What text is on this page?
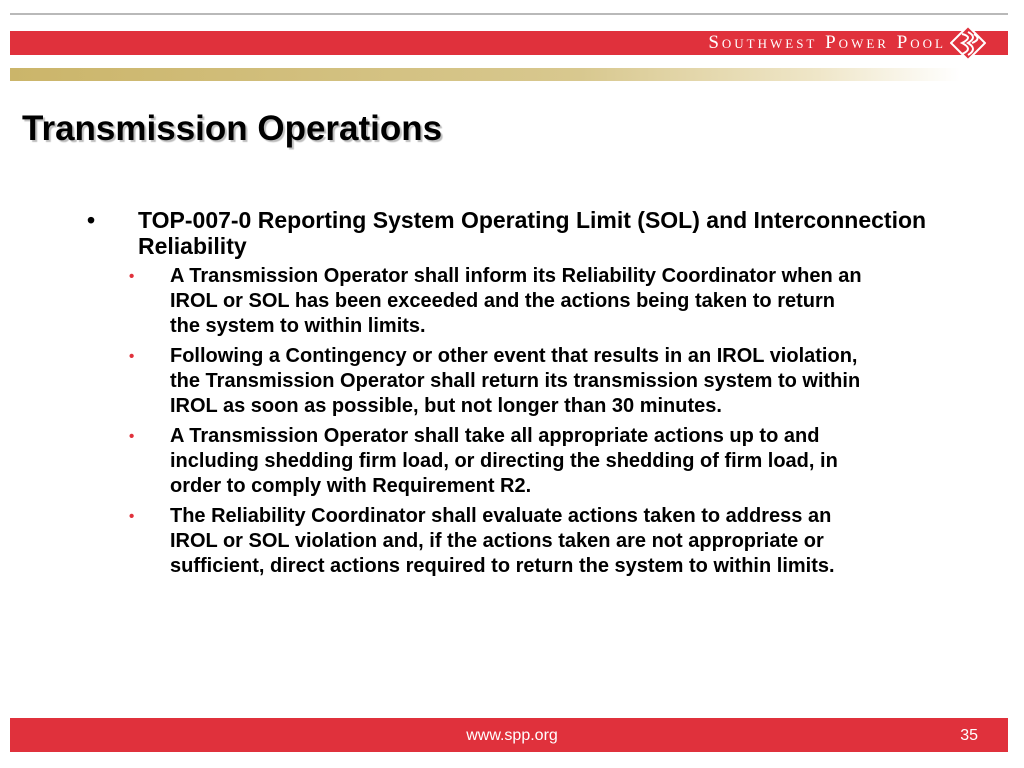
Southwest Power Pool
Transmission Operations
• TOP-007-0 Reporting System Operating Limit (SOL) and Interconnection Reliability
• A Transmission Operator shall inform its Reliability Coordinator when an IROL or SOL has been exceeded and the actions being taken to return the system to within limits.
• Following a Contingency or other event that results in an IROL violation, the Transmission Operator shall return its transmission system to within IROL as soon as possible, but not longer than 30 minutes.
• A Transmission Operator shall take all appropriate actions up to and including shedding firm load, or directing the shedding of firm load, in order to comply with Requirement R2.
• The Reliability Coordinator shall evaluate actions taken to address an IROL or SOL violation and, if the actions taken are not appropriate or sufficient, direct actions required to return the system to within limits.
www.spp.org	35
